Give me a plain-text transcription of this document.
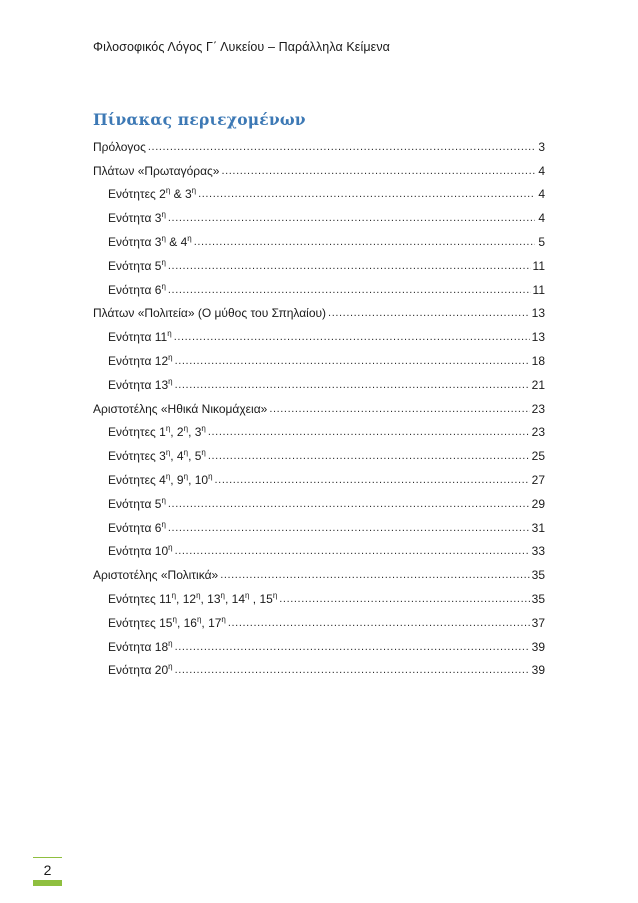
Φιλοσοφικός Λόγος Γ΄ Λυκείου – Παράλληλα Κείμενα
Πίνακας περιεχομένων
Πρόλογος .....	3
Πλάτων «Πρωταγόρας» .....	4
Ενότητες $2^\eta$ & $3^\eta$ .....	4
Ενότητα $3^\eta$ .....	4
Ενότητα $3^\eta$ & $4^\eta$ .....	5
Ενότητα $5^\eta$ .....	11
Ενότητα $6^\eta$ .....	11
Πλάτων «Πολιτεία» (Ο μύθος του Σπηλαίου) .....	13
Ενότητα $11^\eta$ .....	13
Ενότητα $12^\eta$ .....	18
Ενότητα $13^\eta$ .....	21
Αριστοτέλης «Ηθικά Νικομάχεια» .....	23
Ενότητες $1^\eta$, $2^\eta$, $3^\eta$ .....	23
Ενότητες $3^\eta$, $4^\eta$, $5^\eta$ .....	25
Ενότητες $4^\eta$, $9^\eta$, $10^\eta$ .....	27
Ενότητα $5^\eta$ .....	29
Ενότητα $6^\eta$ .....	31
Ενότητα $10^\eta$ .....	33
Αριστοτέλης «Πολιτικά» .....	35
Ενότητες $11^\eta$, $12^\eta$, $13^\eta$, $14^\eta$ , $15^\eta$ .....	35
Ενότητες $15^\eta$, $16^\eta$, $17^\eta$ .....	37
Ενότητα $18^\eta$ .....	39
Ενότητα $20^\eta$ .....	39
2
